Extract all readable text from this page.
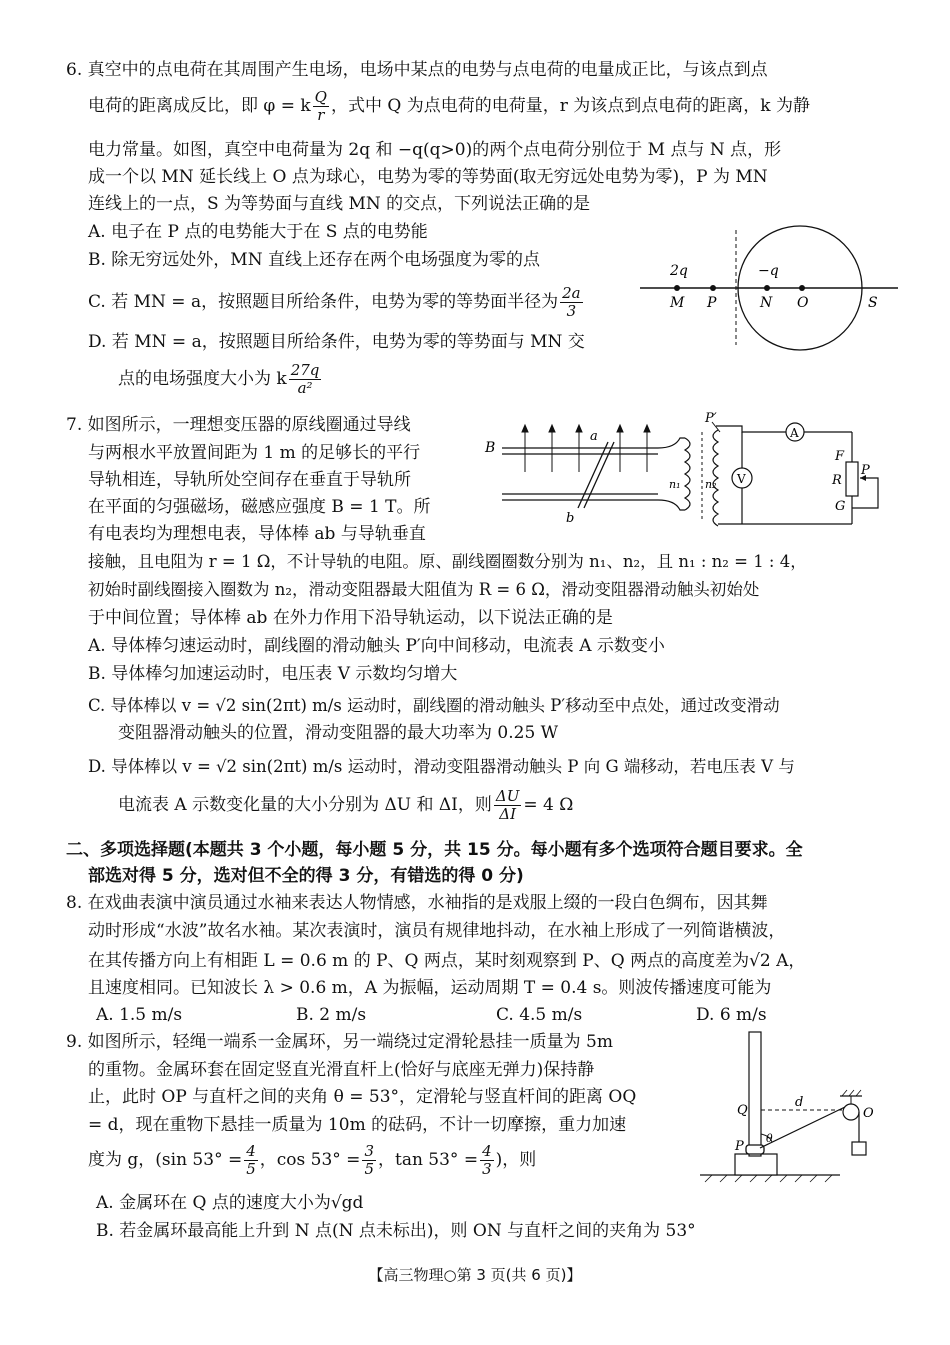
6. 真空中的点电荷在其周围产生电场，电场中某点的电势与点电荷的电量成正比，与该点到点
电荷的距离成反比，即 φ = k $\frac{Q}{r}$ ，式中 Q 为点电荷的电荷量，r 为该点到点电荷的距离，k 为静
电力常量。如图，真空中电荷量为 2q 和 −q(q>0)的两个点电荷分别位于 M 点与 N 点，形
成一个以 MN 延长线上 O 点为球心，电势为零的等势面(取无穷远处电势为零)，P 为 MN
连线上的一点，S 为等势面与直线 MN 的交点，下列说法正确的是
A. 电子在 P 点的电势能大于在 S 点的电势能
B. 除无穷远处外，MN 直线上还存在两个电场强度为零的点
C. 若 MN = a，按照题目所给条件，电势为零的等势面半径为 $\frac{2a}{3}$
D. 若 MN = a，按照题目所给条件，电势为零的等势面与 MN 交
点的电场强度大小为 k $\frac{27q}{\text{a²}}$
2q	−q
M P	N O	S
7. 如图所示，一理想变压器的原线圈通过导线
与两根水平放置间距为 1 m 的足够长的平行
导轨相连，导轨所处空间存在垂直于导轨所
在平面的匀强磁场，磁感应强度 B = 1 T。所
有电表均为理想电表，导体棒 ab 与导轨垂直
接触，且电阻为 r = 1 Ω，不计导轨的电阻。原、副线圈圈数分别为 n₁、n₂，且 n₁ : n₂ = 1 : 4，
初始时副线圈接入圈数为 n₂，滑动变阻器最大阻值为 R = 6 Ω，滑动变阻器滑动触头初始处
于中间位置；导体棒 ab 在外力作用下沿导轨运动，以下说法正确的是
A. 导体棒匀速运动时，副线圈的滑动触头 P′向中间移动，电流表 A 示数变小
B. 导体棒匀加速运动时，电压表 V 示数均匀增大
C. 导体棒以 v = √2 sin(2πt) m/s 运动时，副线圈的滑动触头 P′移动至中点处，通过改变滑动
变阻器滑动触头的位置，滑动变阻器的最大功率为 0.25 W
D. 导体棒以 v = √2 sin(2πt) m/s 运动时，滑动变阻器滑动触头 P 向 G 端移动，若电压表 V 与
电流表 A 示数变化量的大小分别为 ΔU 和 ΔI，则 $\frac{\Delta U}{\Delta I} = 4$ Ω
B
a
b
P′
A
V
n₁ n₂
F
R
P
G
二、多项选择题(本题共 3 个小题，每小题 5 分，共 15 分。每小题有多个选项符合题目要求。全
部选对得 5 分，选对但不全的得 3 分，有错选的得 0 分)
8. 在戏曲表演中演员通过水袖来表达人物情感，水袖指的是戏服上缀的一段白色绸布，因其舞
动时形成“水波”故名水袖。某次表演时，演员有规律地抖动，在水袖上形成了一列简谐横波，
在其传播方向上有相距 L = 0.6 m 的 P、Q 两点，某时刻观察到 P、Q 两点的高度差为√2 A，
且速度相同。已知波长 λ > 0.6 m，A 为振幅，运动周期 T = 0.4 s。则波传播速度可能为
A. 1.5 m/s	B. 2 m/s	C. 4.5 m/s	D. 6 m/s
9. 如图所示，轻绳一端系一金属环，另一端绕过定滑轮悬挂一质量为 5m
的重物。金属环套在固定竖直光滑直杆上(恰好与底座无弹力)保持静
止，此时 OP 与直杆之间的夹角 θ = 53°，定滑轮与竖直杆间的距离 OQ
= d，现在重物下悬挂一质量为 10m 的砝码，不计一切摩擦，重力加速
度为 g，(sin $53^\circ = \frac{4}{5}$ ，$\cos 53^\circ = \frac{3}{5}$ ，$\tan 53^\circ = \frac{4}{3}$ )，则
A. 金属环在 Q 点的速度大小为√gd
B. 若金属环最高能上升到 N 点(N 点未标出)，则 ON 与直杆之间的夹角为 53°
Q
d
O
P
θ
【高三物理○第 3 页(共 6 页)】
